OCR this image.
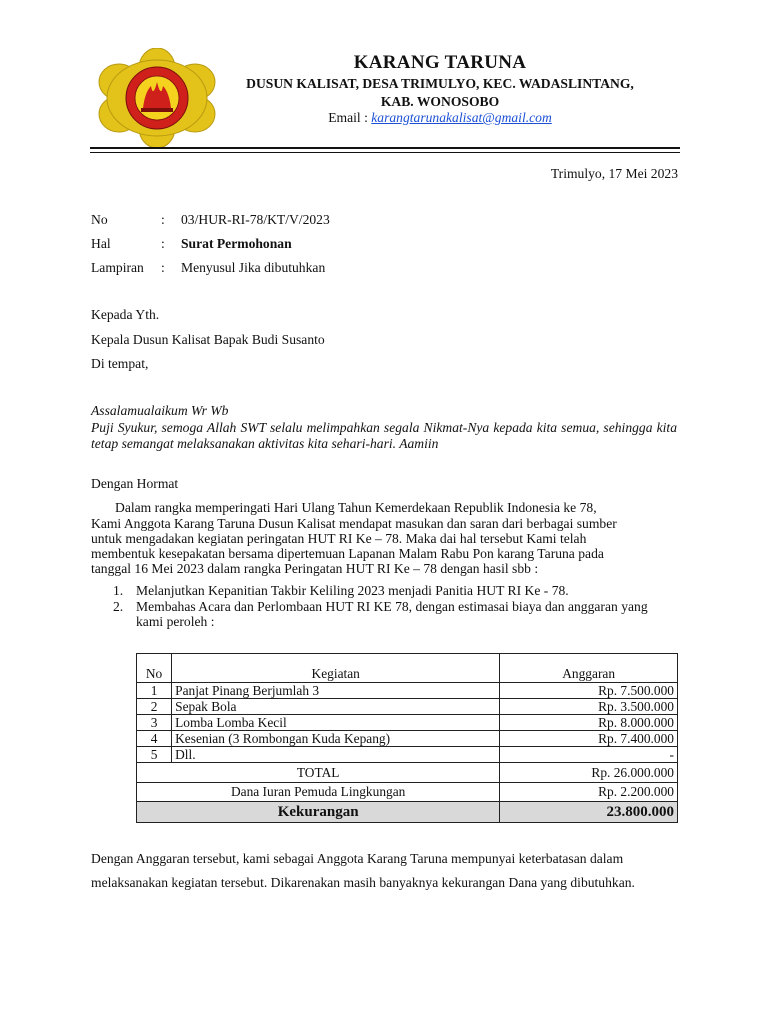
KARANG TARUNA
DUSUN KALISAT, DESA TRIMULYO, KEC. WADASLINTANG,
KAB. WONOSOBO
Email : karangtarunakalisat@gmail.com
Trimulyo, 17 Mei 2023
No	: 03/HUR-RI-78/KT/V/2023
Hal	: Surat Permohonan
Lampiran : Menyusul Jika dibutuhkan
Kepada Yth.
Kepala Dusun Kalisat Bapak Budi Susanto
Di tempat,
Assalamualaikum Wr Wb
Puji Syukur, semoga Allah SWT selalu melimpahkan segala Nikmat-Nya kepada kita semua, sehingga kita tetap semangat melaksanakan aktivitas kita sehari-hari. Aamiin
Dengan Hormat
Dalam rangka memperingati Hari Ulang Tahun Kemerdekaan Republik Indonesia ke 78,
Kami Anggota Karang Taruna Dusun Kalisat mendapat masukan dan saran dari berbagai sumber
untuk mengadakan kegiatan peringatan HUT RI Ke – 78. Maka dai hal tersebut Kami telah
membentuk kesepakatan bersama dipertemuan Lapanan Malam Rabu Pon karang Taruna pada
tanggal 16 Mei 2023 dalam rangka Peringatan HUT RI Ke – 78 dengan hasil sbb :
1. Melanjutkan Kepanitian Takbir Keliling 2023 menjadi Panitia HUT RI Ke - 78.
2. Membahas Acara dan Perlombaan HUT RI KE 78, dengan estimasai biaya dan anggaran yang kami peroleh :
No	Kegiatan	Anggaran
1	Panjat Pinang Berjumlah 3	Rp. 7.500.000
2	Sepak Bola	Rp. 3.500.000
3	Lomba Lomba Kecil	Rp. 8.000.000
4	Kesenian (3 Rombongan Kuda Kepang)	Rp. 7.400.000
5	Dll.	-
TOTAL		Rp. 26.000.000
Dana Iuran Pemuda Lingkungan		Rp. 2.200.000
Kekurangan		23.800.000
Dengan Anggaran tersebut, kami sebagai Anggota Karang Taruna mempunyai keterbatasan dalam melaksanakan kegiatan tersebut. Dikarenakan masih banyaknya kekurangan Dana yang dibutuhkan.
